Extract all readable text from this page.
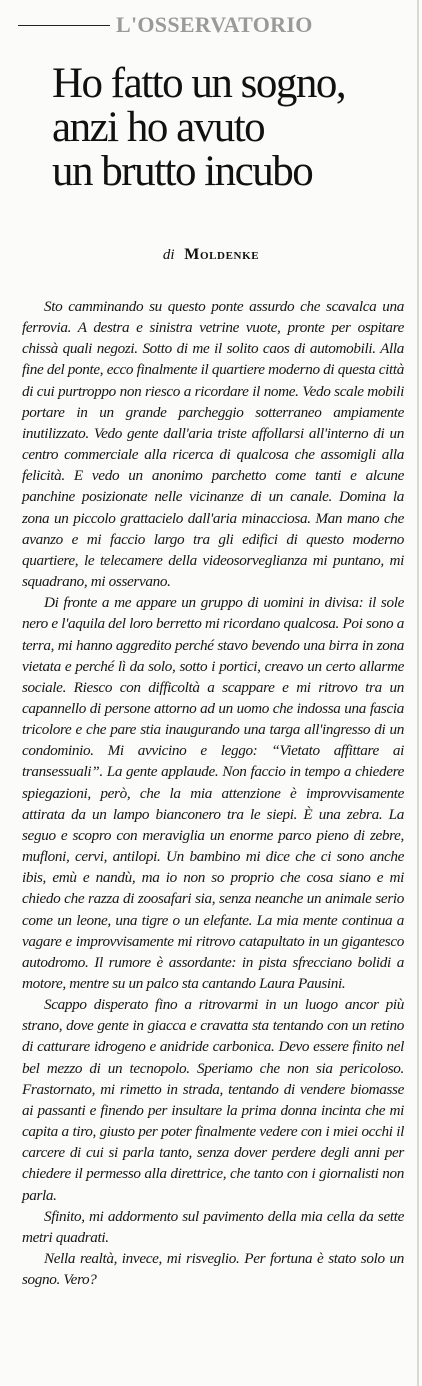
L'OSSERVATORIO
Ho fatto un sogno,
anzi ho avuto
un brutto incubo
di Moldenke

Sto camminando su questo ponte assurdo che scavalca una ferrovia. A destra e sinistra vetrine vuote, pronte per ospitare chissà quali negozi. Sotto di me il solito caos di automobili. Alla fine del ponte, ecco finalmente il quartiere moderno di questa città di cui purtroppo non riesco a ricordare il nome. Vedo scale mobili portare in un grande parcheggio sotterraneo ampiamente inutilizzato. Vedo gente dall'aria triste affollarsi all'interno di un centro commerciale alla ricerca di qualcosa che assomigli alla felicità. E vedo un anonimo parchetto come tanti e alcune panchine posizionate nelle vicinanze di un canale. Domina la zona un piccolo grattacielo dall'aria minacciosa. Man mano che avanzo e mi faccio largo tra gli edifici di questo moderno quartiere, le telecamere della videosorveglianza mi puntano, mi squadrano, mi osservano.

Di fronte a me appare un gruppo di uomini in divisa: il sole nero e l'aquila del loro berretto mi ricordano qualcosa. Poi sono a terra, mi hanno aggredito perché stavo bevendo una birra in zona vietata e perché lì da solo, sotto i portici, creavo un certo allarme sociale. Riesco con difficoltà a scappare e mi ritrovo tra un capannello di persone attorno ad un uomo che indossa una fascia tricolore e che pare stia inaugurando una targa all'ingresso di un condominio. Mi avvicino e leggo: “Vietato affittare ai transessuali”. La gente applaude. Non faccio in tempo a chiedere spiegazioni, però, che la mia attenzione è improvvisamente attirata da un lampo bianconero tra le siepi. È una zebra. La seguo e scopro con meraviglia un enorme parco pieno di zebre, mufloni, cervi, antilopi. Un bambino mi dice che ci sono anche ibis, emù e nandù, ma io non so proprio che cosa siano e mi chiedo che razza di zoosafari sia, senza neanche un animale serio come un leone, una tigre o un elefante. La mia mente continua a vagare e improvvisamente mi ritrovo catapultato in un gigantesco autodromo. Il rumore è assordante: in pista sfrecciano bolidi a motore, mentre su un palco sta cantando Laura Pausini.

Scappo disperato fino a ritrovarmi in un luogo ancor più strano, dove gente in giacca e cravatta sta tentando con un retino di catturare idrogeno e anidride carbonica. Devo essere finito nel bel mezzo di un tecnopolo. Speriamo che non sia pericoloso. Frastornato, mi rimetto in strada, tentando di vendere biomasse ai passanti e finendo per insultare la prima donna incinta che mi capita a tiro, giusto per poter finalmente vedere con i miei occhi il carcere di cui si parla tanto, senza dover perdere degli anni per chiedere il permesso alla direttrice, che tanto con i giornalisti non parla.

Sfinito, mi addormento sul pavimento della mia cella da sette metri quadrati.

Nella realtà, invece, mi risveglio. Per fortuna è stato solo un sogno. Vero?
